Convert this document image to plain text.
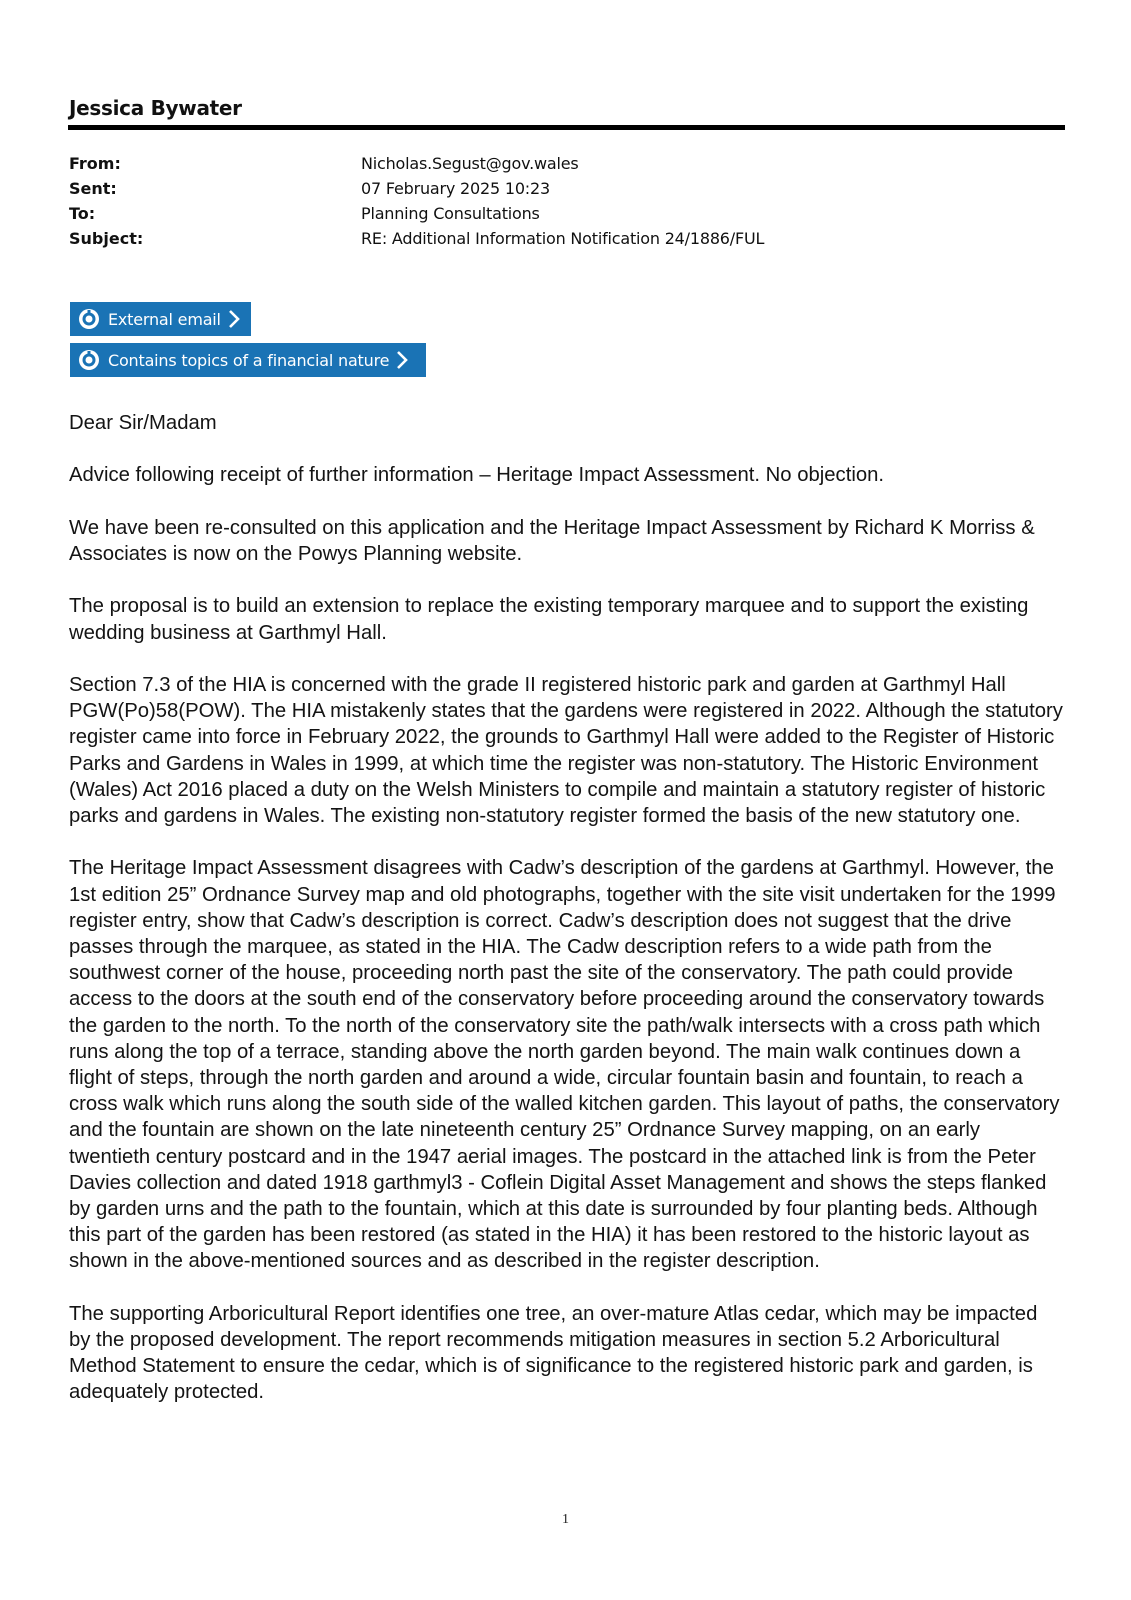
Jessica Bywater
From:	Nicholas.Segust@gov.wales
Sent:	07 February 2025 10:23
To:	Planning Consultations
Subject:	RE: Additional Information Notification 24/1886/FUL
External email
Contains topics of a financial nature

Dear Sir/Madam

Advice following receipt of further information – Heritage Impact Assessment. No objection.

We have been re-consulted on this application and the Heritage Impact Assessment by Richard K Morriss & Associates is now on the Powys Planning website.

The proposal is to build an extension to replace the existing temporary marquee and to support the existing wedding business at Garthmyl Hall.

Section 7.3 of the HIA is concerned with the grade II registered historic park and garden at Garthmyl Hall PGW(Po)58(POW). The HIA mistakenly states that the gardens were registered in 2022. Although the statutory register came into force in February 2022, the grounds to Garthmyl Hall were added to the Register of Historic Parks and Gardens in Wales in 1999, at which time the register was non-statutory. The Historic Environment (Wales) Act 2016 placed a duty on the Welsh Ministers to compile and maintain a statutory register of historic parks and gardens in Wales. The existing non-statutory register formed the basis of the new statutory one.

The Heritage Impact Assessment disagrees with Cadw’s description of the gardens at Garthmyl. However, the 1st edition 25” Ordnance Survey map and old photographs, together with the site visit undertaken for the 1999 register entry, show that Cadw’s description is correct. Cadw’s description does not suggest that the drive passes through the marquee, as stated in the HIA. The Cadw description refers to a wide path from the southwest corner of the house, proceeding north past the site of the conservatory. The path could provide access to the doors at the south end of the conservatory before proceeding around the conservatory towards the garden to the north. To the north of the conservatory site the path/walk intersects with a cross path which runs along the top of a terrace, standing above the north garden beyond. The main walk continues down a flight of steps, through the north garden and around a wide, circular fountain basin and fountain, to reach a cross walk which runs along the south side of the walled kitchen garden. This layout of paths, the conservatory and the fountain are shown on the late nineteenth century 25” Ordnance Survey mapping, on an early twentieth century postcard and in the 1947 aerial images. The postcard in the attached link is from the Peter Davies collection and dated 1918 garthmyl3 - Coflein Digital Asset Management and shows the steps flanked by garden urns and the path to the fountain, which at this date is surrounded by four planting beds. Although this part of the garden has been restored (as stated in the HIA) it has been restored to the historic layout as shown in the above-mentioned sources and as described in the register description.

The supporting Arboricultural Report identifies one tree, an over-mature Atlas cedar, which may be impacted by the proposed development. The report recommends mitigation measures in section 5.2 Arboricultural Method Statement to ensure the cedar, which is of significance to the registered historic park and garden, is adequately protected.

1
